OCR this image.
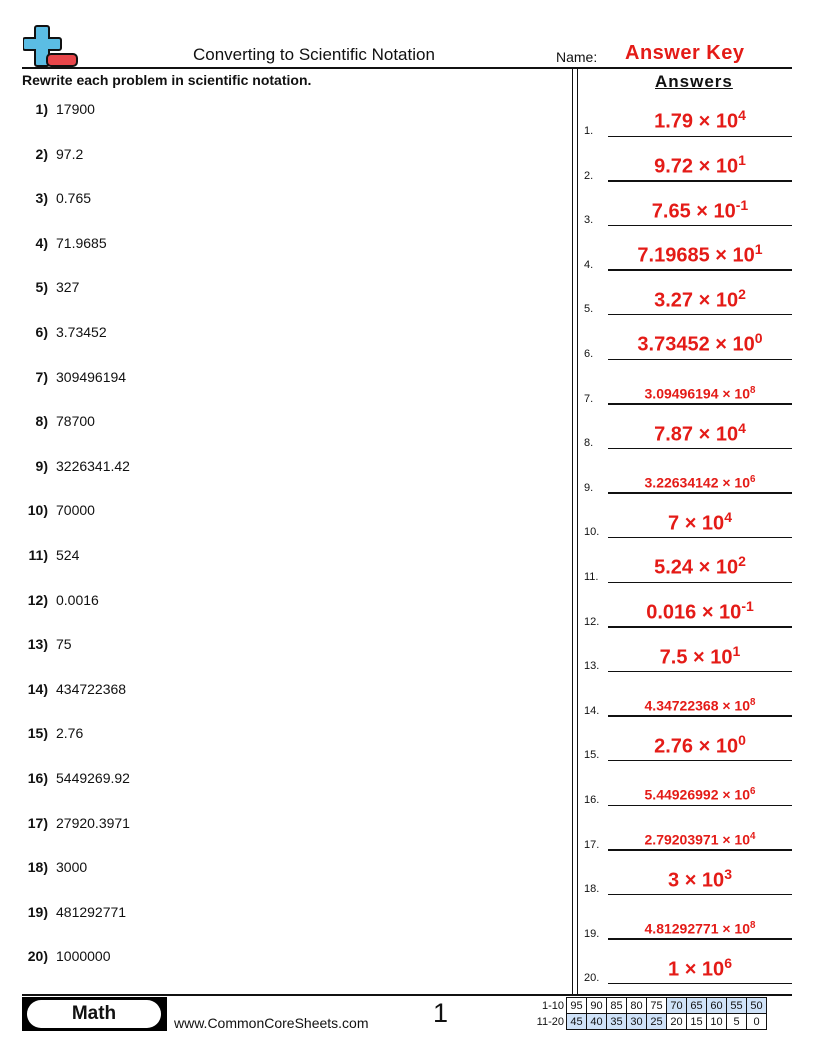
Converting to Scientific Notation	Name: Answer Key
Rewrite each problem in scientific notation.	Answers
1) 17900
2) 97.2
3) 0.765
4) 71.9685
5) 327
6) 3.73452
7) 309496194
8) 78700
9) 3226341.42
10) 70000
11) 524
12) 0.0016
13) 75
14) 434722368
15) 2.76
16) 5449269.92
17) 27920.3971
18) 3000
19) 481292771
20) 1000000
1.	$1.79 \times 10^4$
2.	$9.72 \times 10^1$
3.	$7.65 \times 10^{-1}$
4.	$7.19685 \times 10^1$
5.	$3.27 \times 10^2$
6.	$3.73452 \times 10^0$
7.	$3.09496194 \times 10^8$
8.	$7.87 \times 10^4$
9.	$3.22634142 \times 10^6$
10.	$7 \times 10^4$
11.	$5.24 \times 10^2$
12.	$0.016 \times 10^{-1}$
13.	$7.5 \times 10^1$
14.	$4.34722368 \times 10^8$
15.	$2.76 \times 10^0$
16.	$5.44926992 \times 10^6$
17.	$2.79203971 \times 10^4$
18.	$3 \times 10^3$
19.	$4.81292771 \times 10^8$
20.	$1 \times 10^6$
Math	www.CommonCoreSheets.com 1	1-10	95	90	85	80	75	70	65	60	55	50
11-20	45	40	35	30	25	20	15	10	5	0
